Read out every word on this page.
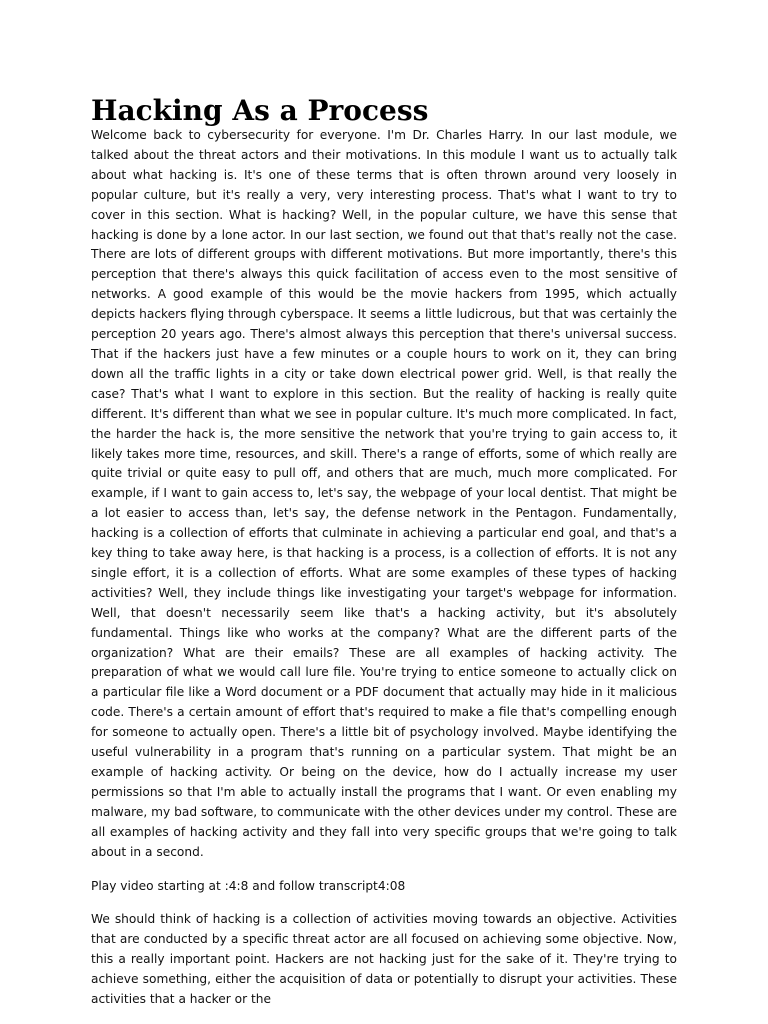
Hacking As a Process

Welcome back to cybersecurity for everyone. I'm Dr. Charles Harry. In our last module, we talked about the threat actors and their motivations. In this module I want us to actually talk about what hacking is. It's one of these terms that is often thrown around very loosely in popular culture, but it's really a very, very interesting process. That's what I want to try to cover in this section. What is hacking? Well, in the popular culture, we have this sense that hacking is done by a lone actor. In our last section, we found out that that's really not the case. There are lots of different groups with different motivations. But more importantly, there's this perception that there's always this quick facilitation of access even to the most sensitive of networks. A good example of this would be the movie hackers from 1995, which actually depicts hackers flying through cyberspace. It seems a little ludicrous, but that was certainly the perception 20 years ago. There's almost always this perception that there's universal success. That if the hackers just have a few minutes or a couple hours to work on it, they can bring down all the traffic lights in a city or take down electrical power grid. Well, is that really the case? That's what I want to explore in this section. But the reality of hacking is really quite different. It's different than what we see in popular culture. It's much more complicated. In fact, the harder the hack is, the more sensitive the network that you're trying to gain access to, it likely takes more time, resources, and skill. There's a range of efforts, some of which really are quite trivial or quite easy to pull off, and others that are much, much more complicated. For example, if I want to gain access to, let's say, the webpage of your local dentist. That might be a lot easier to access than, let's say, the defense network in the Pentagon. Fundamentally, hacking is a collection of efforts that culminate in achieving a particular end goal, and that's a key thing to take away here, is that hacking is a process, is a collection of efforts. It is not any single effort, it is a collection of efforts. What are some examples of these types of hacking activities? Well, they include things like investigating your target's webpage for information. Well, that doesn't necessarily seem like that's a hacking activity, but it's absolutely fundamental. Things like who works at the company? What are the different parts of the organization? What are their emails? These are all examples of hacking activity. The preparation of what we would call lure file. You're trying to entice someone to actually click on a particular file like a Word document or a PDF document that actually may hide in it malicious code. There's a certain amount of effort that's required to make a file that's compelling enough for someone to actually open. There's a little bit of psychology involved. Maybe identifying the useful vulnerability in a program that's running on a particular system. That might be an example of hacking activity. Or being on the device, how do I actually increase my user permissions so that I'm able to actually install the programs that I want. Or even enabling my malware, my bad software, to communicate with the other devices under my control. These are all examples of hacking activity and they fall into very specific groups that we're going to talk about in a second.

Play video starting at :4:8 and follow transcript4:08

We should think of hacking is a collection of activities moving towards an objective. Activities that are conducted by a specific threat actor are all focused on achieving some objective. Now, this a really important point. Hackers are not hacking just for the sake of it. They're trying to achieve something, either the acquisition of data or potentially to disrupt your activities. These activities that a hacker or the
